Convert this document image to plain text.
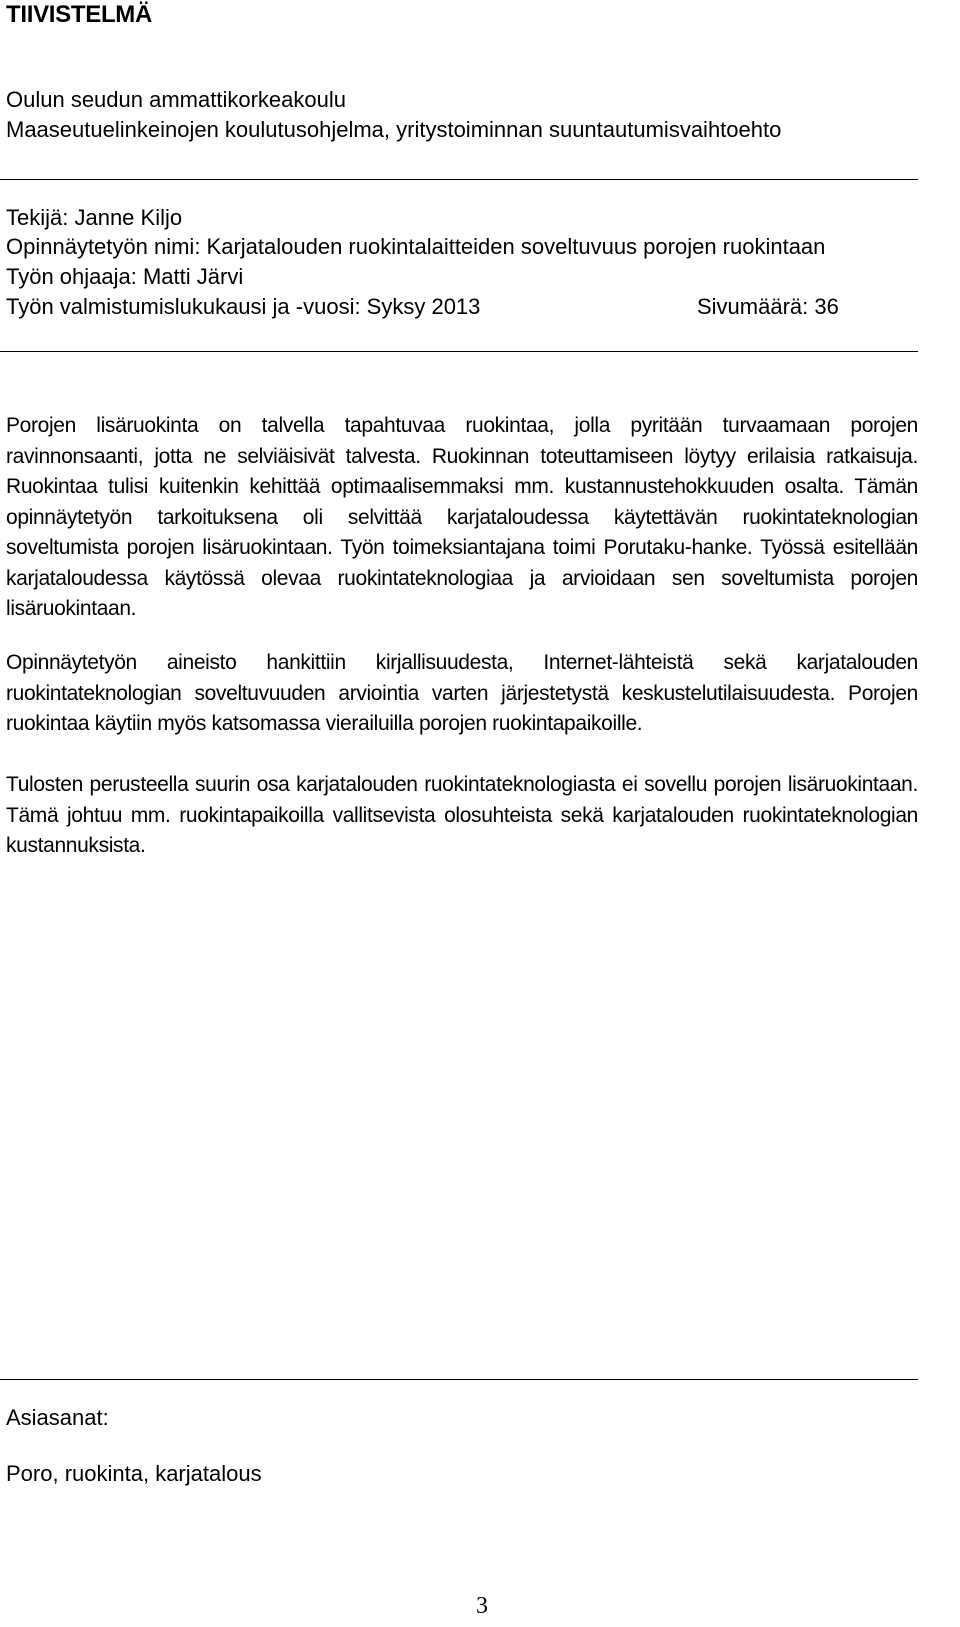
TIIVISTELMÄ
Oulun seudun ammattikorkeakoulu
Maaseutuelinkeinojen koulutusohjelma, yritystoiminnan suuntautumisvaihtoehto
Tekijä: Janne Kiljo
Opinnäytetyön nimi: Karjatalouden ruokintalaitteiden soveltuvuus porojen ruokintaan
Työn ohjaaja: Matti Järvi
Työn valmistumislukukausi ja -vuosi: Syksy 2013	Sivumäärä: 36
Porojen lisäruokinta on talvella tapahtuvaa ruokintaa, jolla pyritään turvaamaan porojen ravinnonsaanti, jotta ne selviäisivät talvesta. Ruokinnan toteuttamiseen löytyy erilaisia ratkaisuja. Ruokintaa tulisi kuitenkin kehittää optimaalisemmaksi mm. kustannustehokkuuden osalta. Tämän opinnäytetyön tarkoituksena oli selvittää karjataloudessa käytettävän ruokintateknologian soveltumista porojen lisäruokintaan. Työn toimeksiantajana toimi Porutaku-hanke. Työssä esitellään karjataloudessa käytössä olevaa ruokintateknologiaa ja arvioidaan sen soveltumista porojen lisäruokintaan.
Opinnäytetyön aineisto hankittiin kirjallisuudesta, Internet-lähteistä sekä karjatalouden ruokintateknologian soveltuvuuden arviointia varten järjestetystä keskustelutilaisuudesta. Porojen ruokintaa käytiin myös katsomassa vierailuilla porojen ruokintapaikoille.
Tulosten perusteella suurin osa karjatalouden ruokintateknologiasta ei sovellu porojen lisäruokintaan. Tämä johtuu mm. ruokintapaikoilla vallitsevista olosuhteista sekä karjatalouden ruokintateknologian kustannuksista.
Asiasanat:
Poro, ruokinta, karjatalous
3
